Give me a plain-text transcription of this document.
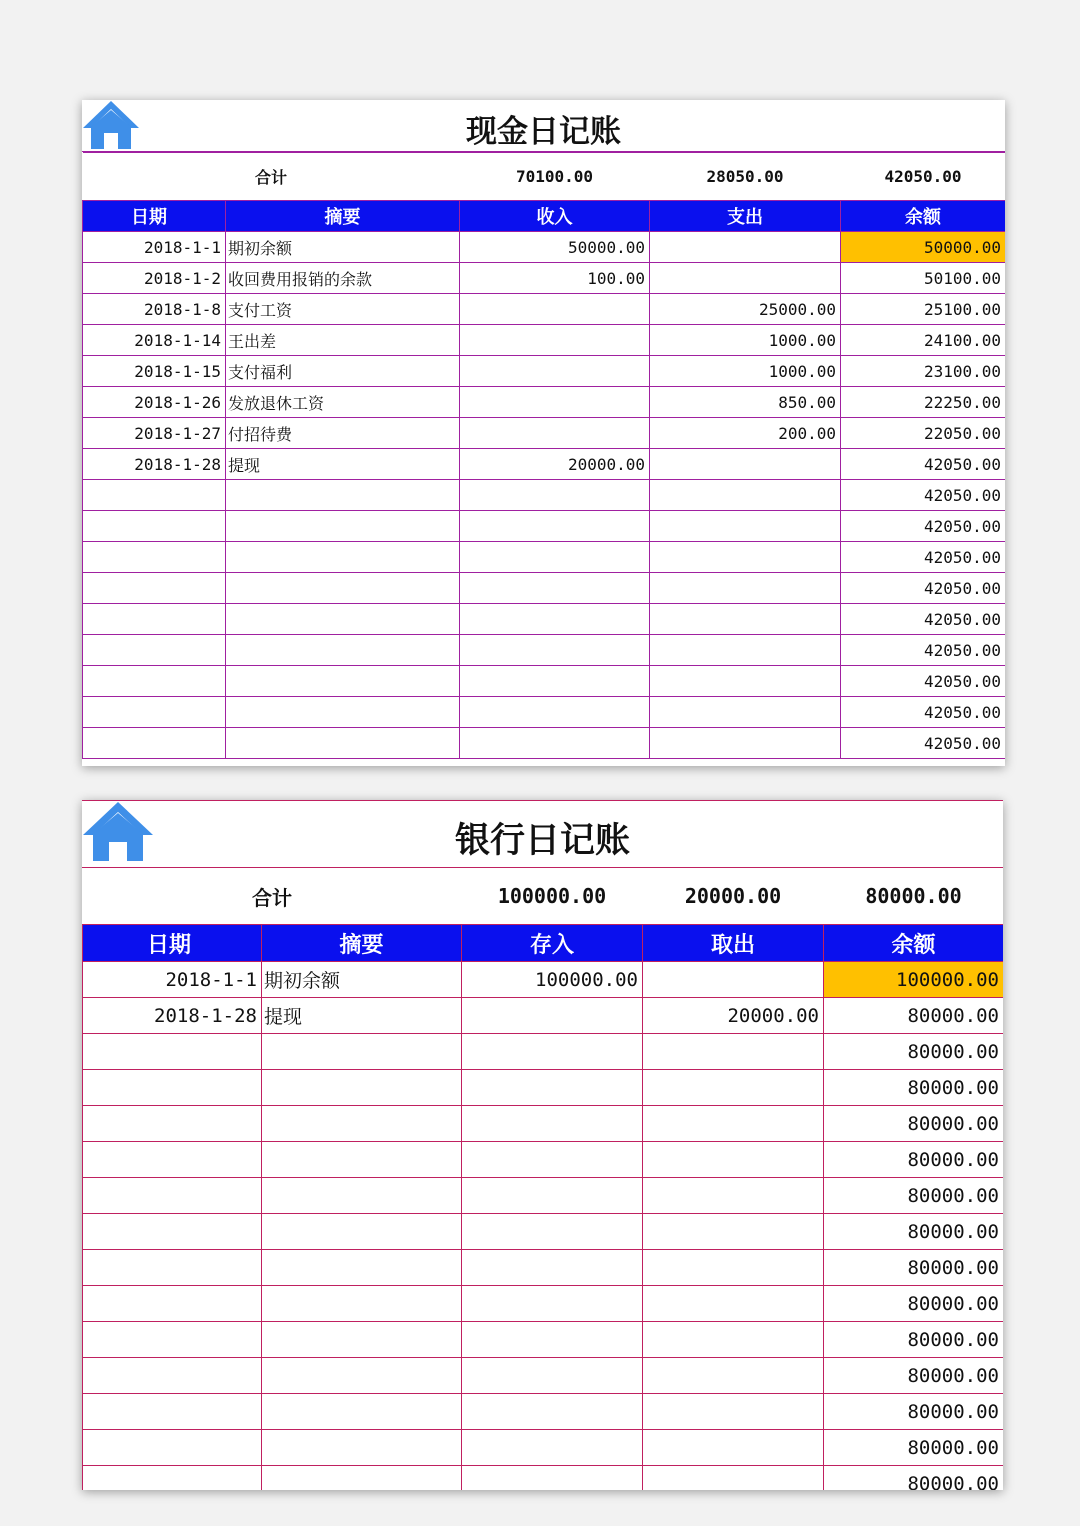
现金日记账
合计		70100.00	28050.00	42050.00
日期	摘要	收入	支出	余额
2018-1-1	期初余额	50000.00		50000.00
2018-1-2	收回费用报销的余款	100.00		50100.00
2018-1-8	支付工资		25000.00	25100.00
2018-1-14	王出差		1000.00	24100.00
2018-1-15	支付福利		1000.00	23100.00
2018-1-26	发放退休工资		850.00	22250.00
2018-1-27	付招待费		200.00	22050.00
2018-1-28	提现	20000.00		42050.00
				42050.00
				42050.00
				42050.00
				42050.00
				42050.00
				42050.00
				42050.00
				42050.00
				42050.00
银行日记账
合计		100000.00	20000.00	80000.00
日期	摘要	存入	取出	余额
2018-1-1	期初余额	100000.00		100000.00
2018-1-28	提现		20000.00	80000.00
				80000.00
				80000.00
				80000.00
				80000.00
				80000.00
				80000.00
				80000.00
				80000.00
				80000.00
				80000.00
				80000.00
				80000.00
				80000.00
